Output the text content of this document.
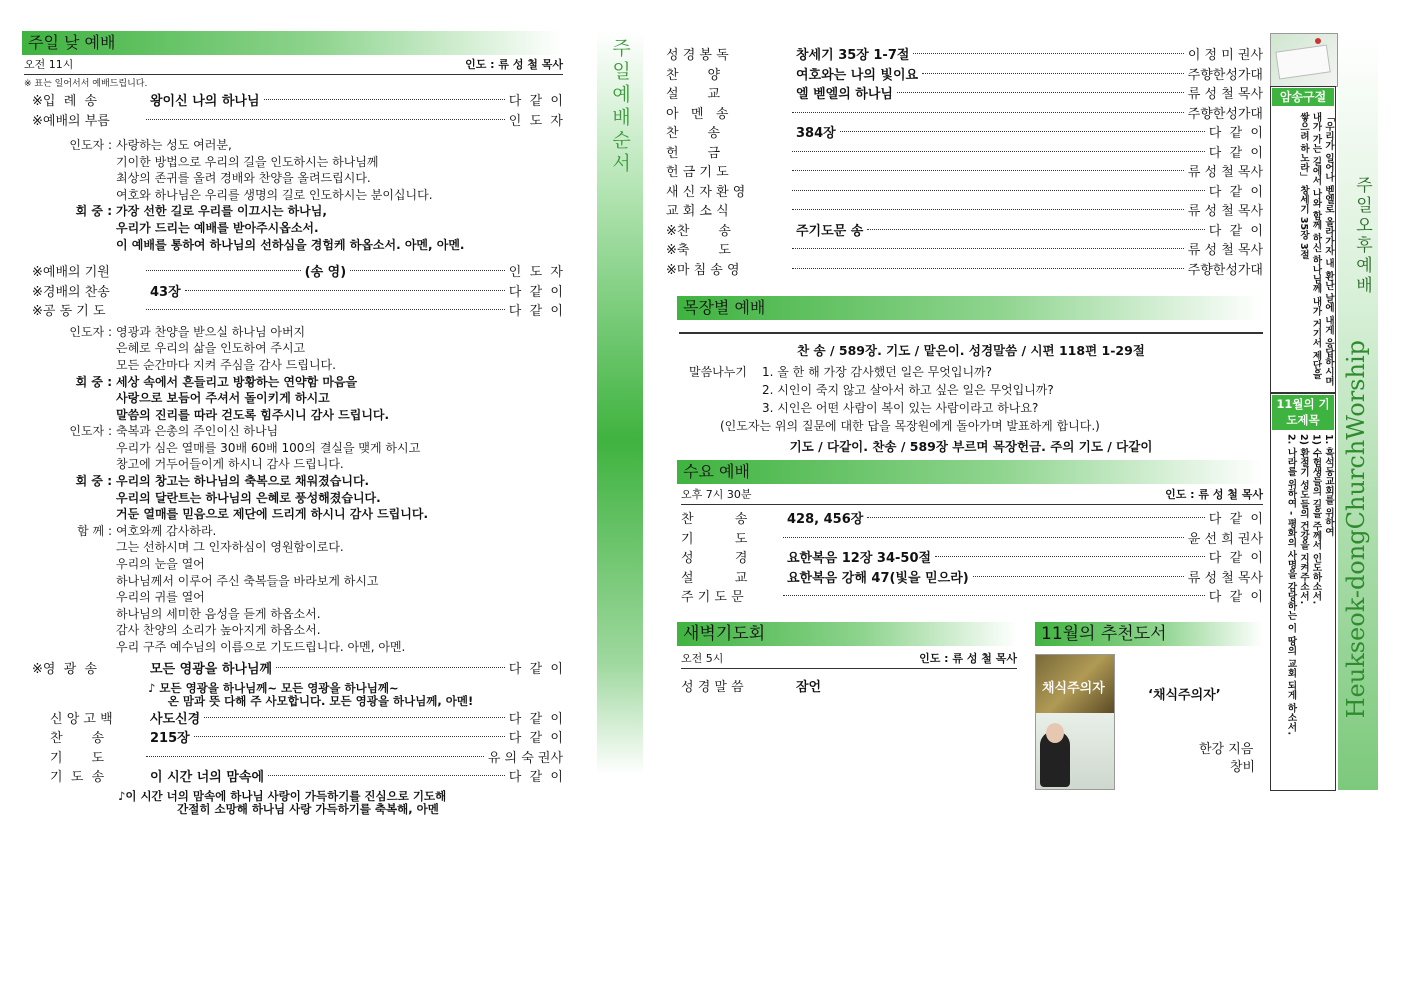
주일 낮 예배
오전 11시	인도 : 류 성 철 목사
※ 표는 일어서서 예배드립니다.
※입  례  송	왕이신 나의 하나님	다  같  이
※예배의 부름	인  도  자
인도자 : 사랑하는 성도 여러분,
기이한 방법으로 우리의 길을 인도하시는 하나님께
최상의 존귀를 올려 경배와 찬양을 올려드립시다.
여호와 하나님은 우리를 생명의 길로 인도하시는 분이십니다.
회 중 : 가장 선한 길로 우리를 이끄시는 하나님,
우리가 드리는 예배를 받아주시옵소서.
이 예배를 통하여 하나님의 선하심을 경험케 하옵소서. 아멘, 아멘.
※예배의 기원	(송 영)	인  도  자
※경배의 찬송	43장	다  같  이
※공 동 기 도	다  같  이
인도자 : 영광과 찬양을 받으실 하나님 아버지
은혜로 우리의 삶을 인도하여 주시고
모든 순간마다 지켜 주심을 감사 드립니다.
회 중 : 세상 속에서 흔들리고 방황하는 연약함 마음을
사랑으로 보듬어 주셔서 돌이키게 하시고
말씀의 진리를 따라 걷도록 힘주시니 감사 드립니다.
인도자 : 축복과 은총의 주인이신 하나님
우리가 심은 열매를 30배 60배 100의 결실을 맺게 하시고
창고에 거두어들이게 하시니 감사 드립니다.
회 중 : 우리의 창고는 하나님의 축복으로 채워졌습니다.
우리의 달란트는 하나님의 은혜로 풍성해졌습니다.
거둔 열매를 믿음으로 제단에 드리게 하시니 감사 드립니다.
함 께 : 여호와께 감사하라.
그는 선하시며 그 인자하심이 영원함이로다.
우리의 눈을 열어
하나님께서 이루어 주신 축복들을 바라보게 하시고
우리의 귀를 열어
하나님의 세미한 음성을 듣게 하옵소서.
감사 찬양의 소리가 높아지게 하옵소서.
우리 구주 예수님의 이름으로 기도드립니다. 아멘, 아멘.
※영  광  송	모든 영광을 하나님께	다  같  이
♪ 모든 영광을 하나님께~ 모든 영광을 하나님께~
온 맘과 뜻 다해 주 사모합니다. 모든 영광을 하나님께, 아멘!
신 앙 고 백	사도신경	다  같  이
찬       송	215장	다  같  이
기       도	유 의 숙 권사
기  도  송	이 시간 너의 맘속에	다  같  이
♪이 시간 너의 맘속에 하나님 사랑이 가득하기를 진심으로 기도해
간절히 소망해 하나님 사랑 가득하기를 축복해, 아멘
주일예배순서	성 경 봉 독	창세기 35장 1-7절	이 정 미 권사
찬       양	여호와는 나의 빛이요	주향한성가대
설       교	엘 벧엘의 하나님	류 성 철 목사
아   멘   송	주향한성가대
찬       송	384장	다  같  이
헌       금	다  같  이
헌 금 기 도	류 성 철 목사
새 신 자 환 영	다  같  이
교 회 소 식	류 성 철 목사
※찬       송	주기도문 송	다  같  이
※축       도	류 성 철 목사
※마 침 송 영	주향한성가대
목장별 예배
찬 송 / 589장. 기도 / 맡은이. 성경말씀 / 시편 118편 1-29절
말씀나누기 1. 올 한 해 가장 감사했던 일은 무엇입니까?
2. 시인이 죽지 않고 살아서 하고 싶은 일은 무엇입니까?
3. 시인은 어떤 사람이 복이 있는 사람이라고 하나요?
(인도자는 위의 질문에 대한 답을 목장원에게 돌아가며 발표하게 합니다.)
기도 / 다같이. 찬송 / 589장 부르며 목장헌금. 주의 기도 / 다같이
수요 예배
오후 7시 30분	인도 : 류 성 철 목사
찬          송	428, 456장	다  같  이
기          도	윤 선 희 권사
성          경	요한복음 12장 34-50절	다  같  이
설          교	요한복음 강해 47(빛을 믿으라)	류 성 철 목사
주 기 도 문	다  같  이
새벽기도회
오전 5시	인도 : 류 성 철 목사
성 경 말 씀	잠언
11월의 추천도서
채식주의자	‘채식주의자’
한강 지음
창비
암송구절
「우리가 일어나 벧엘로 올라가자 내 환난 날에 내게 응답하시며 내가 가는 길에서 나와 함께 하신 하나님께 내가 거기서 제단을 쌓으려 하노라」 창세기 35장 3절
11월의 기도제목
1. 흑석동교회를 위하여
1) 수험생들의 길을 주께서 인도하소서.
2) 환절기 성도들의 건강을 지켜주소서.
2. 나라를 위하여 - 평화의 사명을 감당하는 이 땅의 교회 되게 하소서.
주일오후예배
Heukseok-dongChurchWorship
